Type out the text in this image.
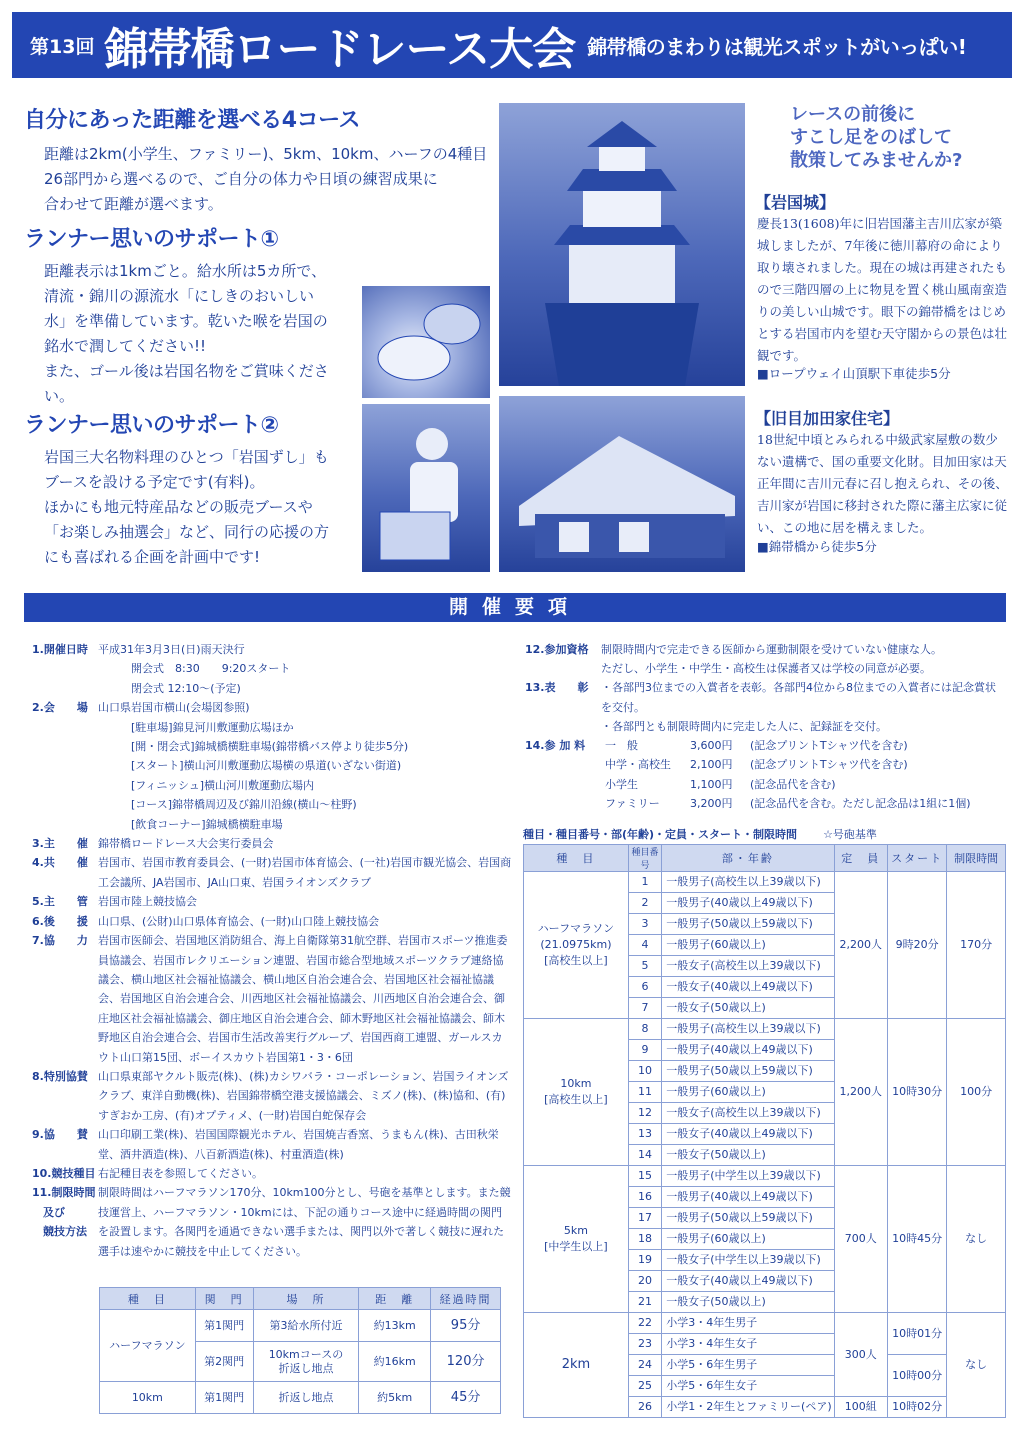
第13回 錦帯橋ロードレース大会 錦帯橋のまわりは観光スポットがいっぱい!
自分にあった距離を選べる4コース

距離は2km(小学生、ファミリー)、5km、10km、ハーフの4種目
26部門から選べるので、ご自分の体力や日頃の練習成果に
合わせて距離が選べます。

ランナー思いのサポート①

距離表示は1kmごと。給水所は5カ所で、
清流・錦川の源流水「にしきのおいしい
水」を準備しています。乾いた喉を岩国の
銘水で潤してください!!
また、ゴール後は岩国名物をご賞味くださ
い。

ランナー思いのサポート②

岩国三大名物料理のひとつ「岩国ずし」も
ブースを設ける予定です(有料)。
ほかにも地元特産品などの販売ブースや
「お楽しみ抽選会」など、同行の応援の方
にも喜ばれる企画を計画中です!

レースの前後に
すこし足をのばして
散策してみませんか?
【岩国城】
慶長13(1608)年に旧岩国藩主吉川広家が築城しましたが、7年後に徳川幕府の命により取り壊されました。現在の城は再建されたもので三階四層の上に物見を置く桃山風南蛮造りの美しい山城です。眼下の錦帯橋をはじめとする岩国市内を望む天守閣からの景色は壮観です。
■ロープウェイ山頂駅下車徒歩5分
【旧目加田家住宅】
18世紀中頃とみられる中級武家屋敷の数少ない遺構で、国の重要文化財。目加田家は天正年間に吉川元春に召し抱えられ、その後、吉川家が岩国に移封された際に藩主広家に従い、この地に居を構えました。
■錦帯橋から徒歩5分
開催要項
1.開催日時 平成31年3月3日(日)雨天決行
　　　開会式　8:30　　9:20スタート
　　　閉会式 12:10～(予定)
2.会　　場 山口県岩国市横山(会場図参照)
　　　[駐車場]錦見河川敷運動広場ほか
　　　[開・閉会式]錦城橋横駐車場(錦帯橋バス停より徒歩5分)
　　　[スタート]横山河川敷運動広場横の県道(いざない街道)
　　　[フィニッシュ]横山河川敷運動広場内
　　　[コース]錦帯橋周辺及び錦川沿線(横山～柱野)
　　　[飲食コーナー]錦城橋横駐車場
3.主　　催 錦帯橋ロードレース大会実行委員会
4.共　　催 岩国市、岩国市教育委員会、(一財)岩国市体育協会、(一社)岩国市観光協会、岩国商工会議所、JA岩国市、JA山口東、岩国ライオンズクラブ
5.主　　管 岩国市陸上競技協会
6.後　　援 山口県、(公財)山口県体育協会、(一財)山口陸上競技協会
7.協　　力 岩国市医師会、岩国地区消防組合、海上自衛隊第31航空群、岩国市スポーツ推進委員協議会、岩国市レクリエーション連盟、岩国市総合型地域スポーツクラブ連絡協議会、横山地区社会福祉協議会、横山地区自治会連合会、岩国地区社会福祉協議会、岩国地区自治会連合会、川西地区社会福祉協議会、川西地区自治会連合会、御庄地区社会福祉協議会、御庄地区自治会連合会、師木野地区社会福祉協議会、師木野地区自治会連合会、岩国市生活改善実行グループ、岩国西商工連盟、ガールスカウト山口第15団、ボーイスカウト岩国第1・3・6団
8.特別協賛 山口県東部ヤクルト販売(株)、(株)カシワバラ・コーポレーション、岩国ライオンズクラブ、東洋自動機(株)、岩国錦帯橋空港支援協議会、ミズノ(株)、(株)協和、(有)すぎおか工房、(有)オプティメ、(一財)岩国白蛇保存会
9.協　　賛 山口印刷工業(株)、岩国国際観光ホテル、岩国焼吉香窯、うまもん(株)、古田秋栄堂、酒井酒造(株)、八百新酒造(株)、村重酒造(株)
10.競技種目 右記種目表を参照してください。
11.制限時間
　及び
　競技方法
制限時間はハーフマラソン170分、10km100分とし、号砲を基準とします。また競技運営上、ハーフマラソン・10kmには、下記の通りコース途中に経過時間の関門を設置します。各関門を通過できない選手または、関門以外で著しく競技に遅れた選手は速やかに競技を中止してください。
12.参加資格	制限時間内で完走できる医師から運動制限を受けていない健康な人。
ただし、小学生・中学生・高校生は保護者又は学校の同意が必要。
13.表　　彰	・各部門3位までの入賞者を表彰。各部門4位から8位までの入賞者には記念賞状を交付。
・各部門とも制限時間内に完走した人に、記録証を交付。
14.参 加 料	一　般	3,600円	(記念プリントTシャツ代を含む)
中学・高校生	2,100円	(記念プリントTシャツ代を含む)
小学生	1,100円	(記念品代を含む)
ファミリー	3,200円	(記念品代を含む。ただし記念品は1組に1個)
種目・種目番号・部(年齢)・定員・スタート・制限時間 ☆号砲基準
種　目	種目番号	部・年齢	定　員	スタート	制限時間
ハーフマラソン
(21.0975km)
[高校生以上]	1	一般男子(高校生以上39歳以下)	2,200人	9時20分	170分
	2	一般男子(40歳以上49歳以下)			
	3	一般男子(50歳以上59歳以下)			
	4	一般男子(60歳以上)			
	5	一般女子(高校生以上39歳以下)			
	6	一般女子(40歳以上49歳以下)			
	7	一般女子(50歳以上)			
10km
[高校生以上]	8	一般男子(高校生以上39歳以下)	1,200人	10時30分	100分
	9	一般男子(40歳以上49歳以下)			
	10	一般男子(50歳以上59歳以下)			
	11	一般男子(60歳以上)			
	12	一般女子(高校生以上39歳以下)			
	13	一般女子(40歳以上49歳以下)			
	14	一般女子(50歳以上)			
5km
[中学生以上]	15	一般男子(中学生以上39歳以下)	700人	10時45分	なし
	16	一般男子(40歳以上49歳以下)			
	17	一般男子(50歳以上59歳以下)			
	18	一般男子(60歳以上)			
	19	一般女子(中学生以上39歳以下)			
	20	一般女子(40歳以上49歳以下)			
	21	一般女子(50歳以上)			
2km	22	小学3・4年生男子	300人	10時01分	なし
	23	小学3・4年生女子			
	24	小学5・6年生男子		10時00分	
	25	小学5・6年生女子			
	26	小学1・2年生とファミリー(ペア)	100組	10時02分	
種　目	関　門	場　所	距　離	経過時間
ハーフマラソン	第1関門	第3給水所付近	約13km	95分
	第2関門	10kmコースの
折返し地点	約16km	120分
10km	第1関門	折返し地点	約5km	45分
